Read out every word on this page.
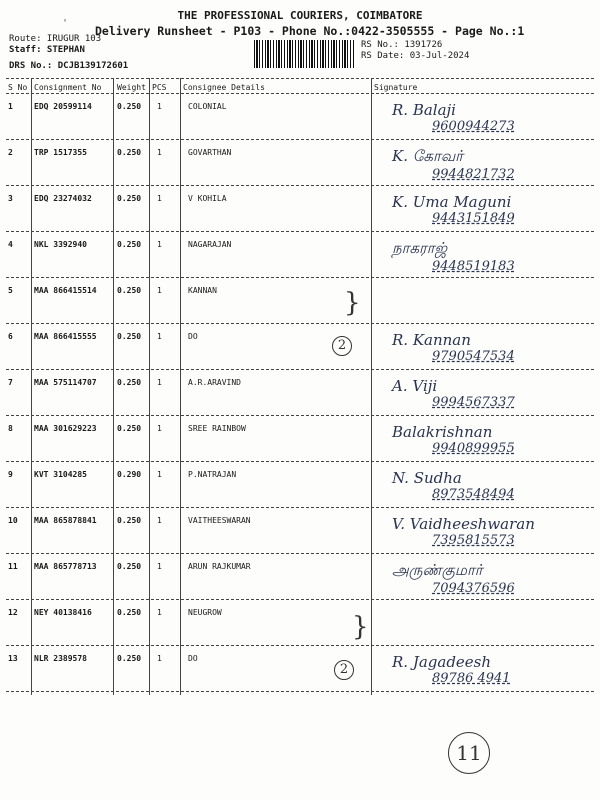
THE PROFESSIONAL COURIERS, COIMBATORE
'
Delivery Runsheet - P103 - Phone No.:0422-3505555 - Page No.:1
Route: IRUGUR 103
Staff: STEPHAN
DRS No.: DCJB139172601
RS No.: 1391726
RS Date: 03-Jul-2024
S No Consignment No Weight PCS Consignee Details	Signature
1	EDQ 20599114	0.250 1	COLONIAL	R. Balaji
9600944273
2	TRP 1517355	0.250 1	GOVARTHAN	K. கோவர்
9944821732
3	EDQ 23274032	0.250 1	V KOHILA	K. Uma Maguni
9443151849
4	NKL 3392940	0.250 1	NAGARAJAN	நாகராஜ்
9448519183
5	MAA 866415514	0.250 1	KANNAN
6	MAA 866415555	0.250 1	DO	R. Kannan
9790547534
7	MAA 575114707	0.250 1	A.R.ARAVIND	A. Viji
9994567337
8	MAA 301629223	0.250 1	SREE RAINBOW	Balakrishnan
9940899955
9	KVT 3104285	0.290 1	P.NATRAJAN	N. Sudha
8973548494
10 MAA 865878841	0.250 1	VAITHEESWARAN	V. Vaidheeshwaran
7395815573
11 MAA 865778713	0.250 1	ARUN RAJKUMAR	அருண்குமார்
7094376596
12 NEY 40138416	0.250 1	NEUGROW
13 NLR 2389578	0.250 1	DO	R. Jagadeesh
89786 4941
}
2
}
2
11
